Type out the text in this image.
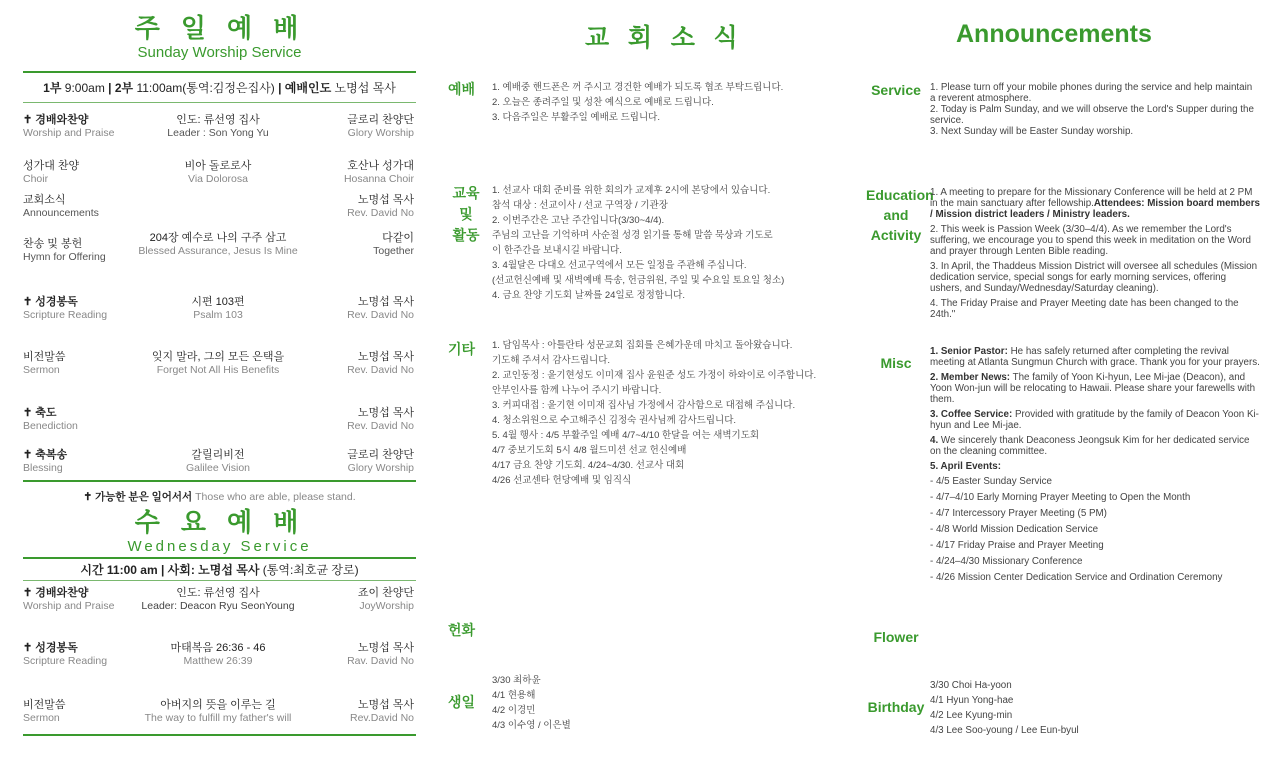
주 일 예 배
Sunday Worship Service
1부 9:00am | 2부 11:00am(통역:김정은집사) | 예배인도 노명섭 목사
✝ 경배와찬양
Worship and Praise
인도: 류선영 집사
Leader : Son Yong Yu
글로리 찬양단
Glory Worship
성가대 찬양
Choir
비아 돌로로사
Via Dolorosa
호산나 성가대
Hosanna Choir
교회소식
Announcements
노명섭 목사
Rev. David No
찬송 및 봉헌
Hymn for Offering
204장 예수로 나의 구주 삼고
Blessed Assurance, Jesus Is Mine
다같이
Together
✝ 성경봉독
Scripture Reading
시편 103편
Psalm 103
노명섭 목사
Rev. David No
비전말씀
Sermon
잊지 말라, 그의 모든 은택을
Forget Not All His Benefits
노명섭 목사
Rev. David No
✝ 축도
Benediction
노명섭 목사
Rev. David No
✝ 축복송
Blessing
갈릴리비전
Galilee Vision
글로리 찬양단
Glory Worship
✝ 가능한 분은 일어서서 Those who are able, please stand.
수 요 예 배
Wednesday Service
시간 11:00 am | 사회: 노명섭 목사 (통역:최호균 장로)
✝ 경배와찬양
Worship and Praise
인도: 류선영 집사
Leader: Deacon Ryu SeonYoung
죠이 찬양단
JoyWorship
✝ 성경봉독
Scripture Reading
마태복음 26:36 - 46
Matthew 26:39
노명섭 목사
Rav. David No
비전말씀
Sermon
아버지의 뜻을 이루는 길
The way to fulfill my father's will
노명섭 목사
Rev.David No
교 회 소 식
예배 1. 예배중 핸드폰은 꺼 주시고 경건한 예배가 되도록 협조 부탁드립니다.
2. 오늘은 종려주일 및 성찬 예식으로 예배로 드립니다.
3. 다음주일은 부활주일 예배로 드립니다.
교육
및
활동
1. 선교사 대회 준비를 위한 회의가 교제후 2시에 본당에서 있습니다.
참석 대상 : 선교이사 / 선교 구역장 / 기관장
2. 이번주간은 고난 주간입니다(3/30~4/4).
주님의 고난을 기억하며 사순절 성경 읽기를 통해 말씀 묵상과 기도로
이 한주간을 보내시길 바랍니다.
3. 4월달은 다대오 선교구역에서 모든 일정을 주관해 주십니다.
(선교헌신예배 및 새벽예배 특송, 헌금위원, 주일 및 수요일 토요일 청소)
4. 금요 찬양 기도회 날짜를 24일로 정정합니다.
기타 1. 담임목사 : 아틀란타 성문교회 집회를 은혜가운데 마치고 돌아왔습니다.
기도해 주셔서 감사드립니다.
2. 교인동정 : 윤기현성도 이미재 집사 윤원준 성도 가정이 하와이로 이주합니다.
안부인사를 함께 나누어 주시기 바랍니다.
3. 커피대접 : 윤기현 이미재 집사님 가정에서 감사함으로 대접해 주십니다.
4. 청소위원으로 수고해주신 김정숙 권사님께 감사드립니다.
5. 4월 행사 : 4/5 부활주일 예배 4/7~4/10 한달을 여는 새벽기도회
4/7 중보기도회 5시 4/8 월드미션 선교 헌신예배
4/17 금요 찬양 기도회. 4/24~4/30. 선교사 대회
4/26 선교센타 헌당예배 및 임직식
헌화
생일
3/30 최하윤
4/1 현용해
4/2 이경민
4/3 이수영 / 이은별
Announcements
Service 1. Please turn off your mobile phones during the service and help maintain a reverent atmosphere.
2. Today is Palm Sunday, and we will observe the Lord's Supper during the service.
3. Next Sunday will be Easter Sunday worship.
Education
and
Activity

1. A meeting to prepare for the Missionary Conference will be held at 2 PM in the main sanctuary after fellowship.Attendees: Mission board members / Mission district leaders / Ministry leaders.

2. This week is Passion Week (3/30–4/4). As we remember the Lord's suffering, we encourage you to spend this week in meditation on the Word and prayer through Lenten Bible reading.

3. In April, the Thaddeus Mission District will oversee all schedules (Mission dedication service, special songs for early morning services, offering ushers, and Sunday/Wednesday/Saturday cleaning).

4. The Friday Praise and Prayer Meeting date has been changed to the 24th."

Misc

1. Senior Pastor: He has safely returned after completing the revival meeting at Atlanta Sungmun Church with grace. Thank you for your prayers.

2. Member News: The family of Yoon Ki-hyun, Lee Mi-jae (Deacon), and Yoon Won-jun will be relocating to Hawaii. Please share your farewells with them.

3. Coffee Service: Provided with gratitude by the family of Deacon Yoon Ki-hyun and Lee Mi-jae.

4. We sincerely thank Deaconess Jeongsuk Kim for her dedicated service on the cleaning committee.

5. April Events:

- 4/5 Easter Sunday Service
- 4/7–4/10 Early Morning Prayer Meeting to Open the Month
- 4/7 Intercessory Prayer Meeting (5 PM)
- 4/8 World Mission Dedication Service
- 4/17 Friday Praise and Prayer Meeting
- 4/24–4/30 Missionary Conference
- 4/26 Mission Center Dedication Service and Ordination Ceremony
Flower
Birthday
3/30 Choi Ha-yoon
4/1 Hyun Yong-hae
4/2 Lee Kyung-min
4/3 Lee Soo-young / Lee Eun-byul
